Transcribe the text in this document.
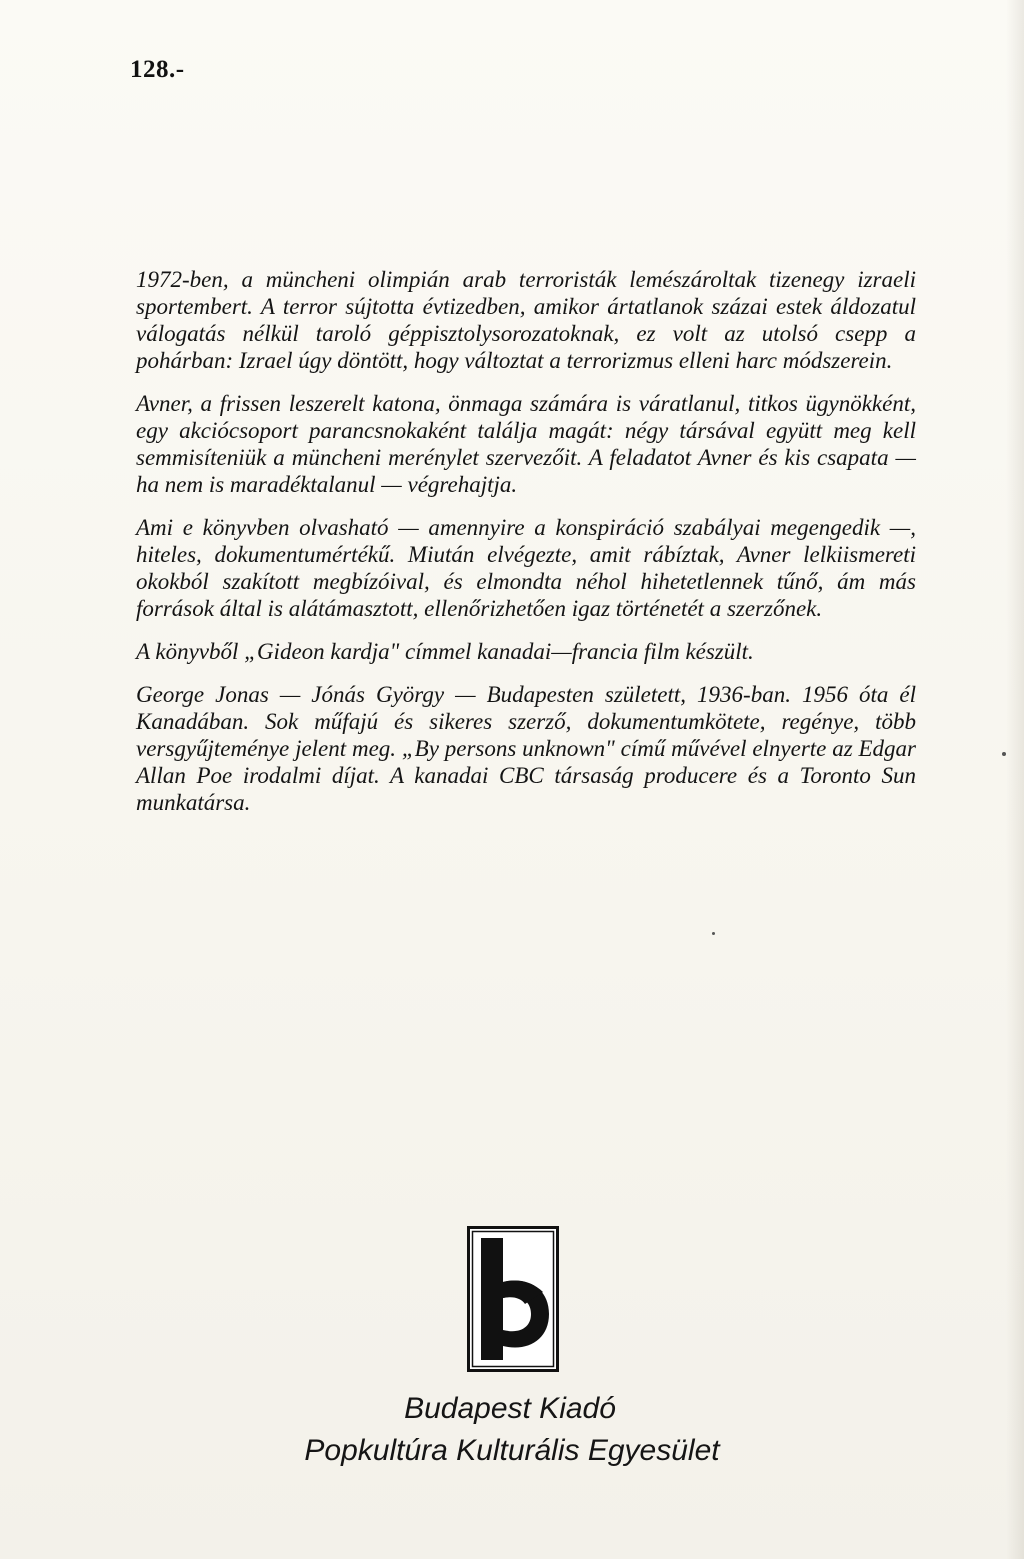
128.-

1972-ben, a müncheni olimpián arab terroristák lemészároltak tizenegy izraeli sportembert. A terror sújtotta évtizedben, amikor ártatlanok százai estek áldozatul válogatás nélkül taroló géppisztolysorozatoknak, ez volt az utolsó csepp a pohárban: Izrael úgy döntött, hogy változtat a terrorizmus elleni harc módszerein.

Avner, a frissen leszerelt katona, önmaga számára is váratlanul, titkos ügynökként, egy akciócsoport parancsnokaként találja magát: négy társával együtt meg kell semmisíteniük a müncheni merénylet szervezőit. A feladatot Avner és kis csapata — ha nem is maradéktalanul — végrehajtja.

Ami e könyvben olvasható — amennyire a konspiráció szabályai megengedik —, hiteles, dokumentumértékű. Miután elvégezte, amit rábíztak, Avner lelkiismereti okokból szakított megbízóival, és elmondta néhol hihetetlennek tűnő, ám más források által is alátámasztott, ellenőrizhetően igaz történetét a szerzőnek.

A könyvből „Gideon kardja" címmel kanadai—francia film készült.

George Jonas — Jónás György — Budapesten született, 1936-ban. 1956 óta él Kanadában. Sok műfajú és sikeres szerző, dokumentumkötete, regénye, több versgyűjteménye jelent meg. „By persons unknown" című művével elnyerte az Edgar Allan Poe irodalmi díjat. A kanadai CBC társaság producere és a Toronto Sun munkatársa.

Budapest Kiadó
Popkultúra Kulturális Egyesület
